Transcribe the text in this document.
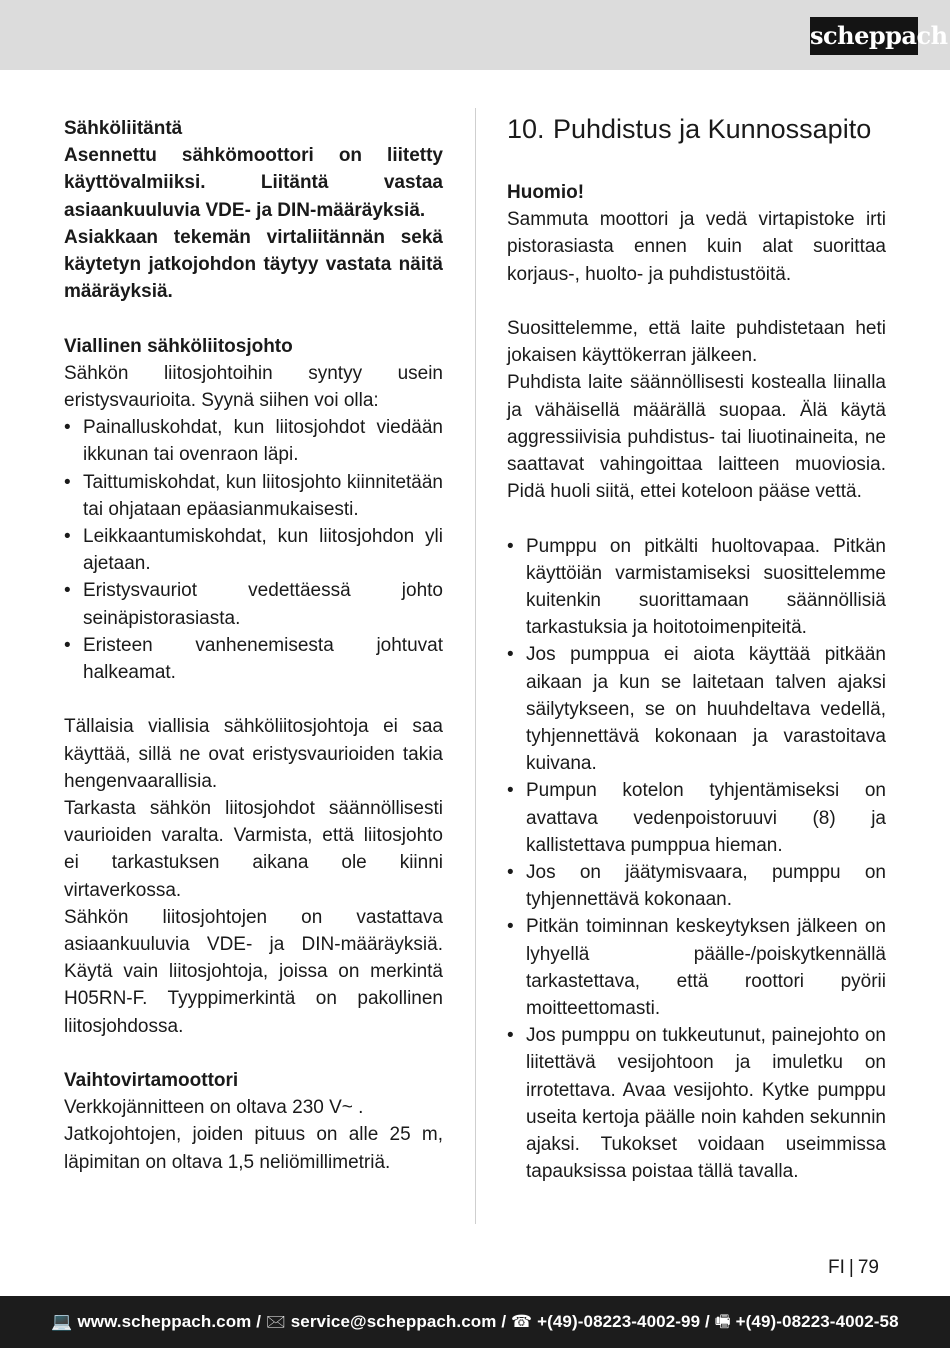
scheppach

Sähköliitäntä

Asennettu sähkömoottori on liitetty käyttövalmiiksi. Liitäntä vastaa asiaankuuluvia VDE- ja DIN-määräyksiä.

Asiakkaan tekemän virtaliitännän sekä käytetyn jatkojohdon täytyy vastata näitä määräyksiä.

Viallinen sähköliitosjohto

Sähkön liitosjohtoihin syntyy usein eristysvaurioita. Syynä siihen voi olla:

• Painalluskohdat, kun liitosjohdot viedään ikkunan tai ovenraon läpi.
• Taittumiskohdat, kun liitosjohto kiinnitetään tai ohjataan epäasianmukaisesti.
• Leikkaantumiskohdat, kun liitosjohdon yli ajetaan.
• Eristysvauriot vedettäessä johto seinäpistorasiasta.
• Eristeen vanhenemisesta johtuvat halkeamat.

Tällaisia viallisia sähköliitosjohtoja ei saa käyttää, sillä ne ovat eristysvaurioiden takia hengenvaarallisia.

Tarkasta sähkön liitosjohdot säännöllisesti vaurioiden varalta. Varmista, että liitosjohto ei tarkastuksen aikana ole kiinni virtaverkossa.

Sähkön liitosjohtojen on vastattava asiaankuuluvia VDE- ja DIN-määräyksiä. Käytä vain liitosjohtoja, joissa on merkintä H05RN-F. Tyyppimerkintä on pakollinen liitosjohdossa.

Vaihtovirtamoottori

Verkkojännitteen on oltava 230 V~ .

Jatkojohtojen, joiden pituus on alle 25 m, läpimitan on oltava 1,5 neliömillimetriä.

10. Puhdistus ja Kunnossapito

Huomio!

Sammuta moottori ja vedä virtapistoke irti pistorasiasta ennen kuin alat suorittaa korjaus-, huolto- ja puhdistustöitä.

Suosittelemme, että laite puhdistetaan heti jokaisen käyttökerran jälkeen.

Puhdista laite säännöllisesti kostealla liinalla ja vähäisellä määrällä suopaa. Älä käytä aggressiivisia puhdistus- tai liuotinaineita, ne saattavat vahingoittaa laitteen muoviosia. Pidä huoli siitä, ettei koteloon pääse vettä.

• Pumppu on pitkälti huoltovapaa. Pitkän käyttöiän varmistamiseksi suosittelemme kuitenkin suorittamaan säännöllisiä tarkastuksia ja hoitotoimenpiteitä.
• Jos pumppua ei aiota käyttää pitkään aikaan ja kun se laitetaan talven ajaksi säilytykseen, se on huuhdeltava vedellä, tyhjennettävä kokonaan ja varastoitava kuivana.
• Pumpun kotelon tyhjentämiseksi on avattava vedenpoistoruuvi (8) ja kallistettava pumppua hieman.
• Jos on jäätymisvaara, pumppu on tyhjennettävä kokonaan.
• Pitkän toiminnan keskeytyksen jälkeen on lyhyellä päälle-/poiskytkennällä tarkastettava, että roottori pyörii moitteettomasti.
• Jos pumppu on tukkeutunut, painejohto on liitettävä vesijohtoon ja imuletku on irrotettava. Avaa vesijohto. Kytke pumppu useita kertoja päälle noin kahden sekunnin ajaksi. Tukokset voidaan useimmissa tapauksissa poistaa tällä tavalla.
FI | 79
💻 www.scheppach.com / 🖂 service@scheppach.com / ☎ +(49)-08223-4002-99 / 🖷 +(49)-08223-4002-58
